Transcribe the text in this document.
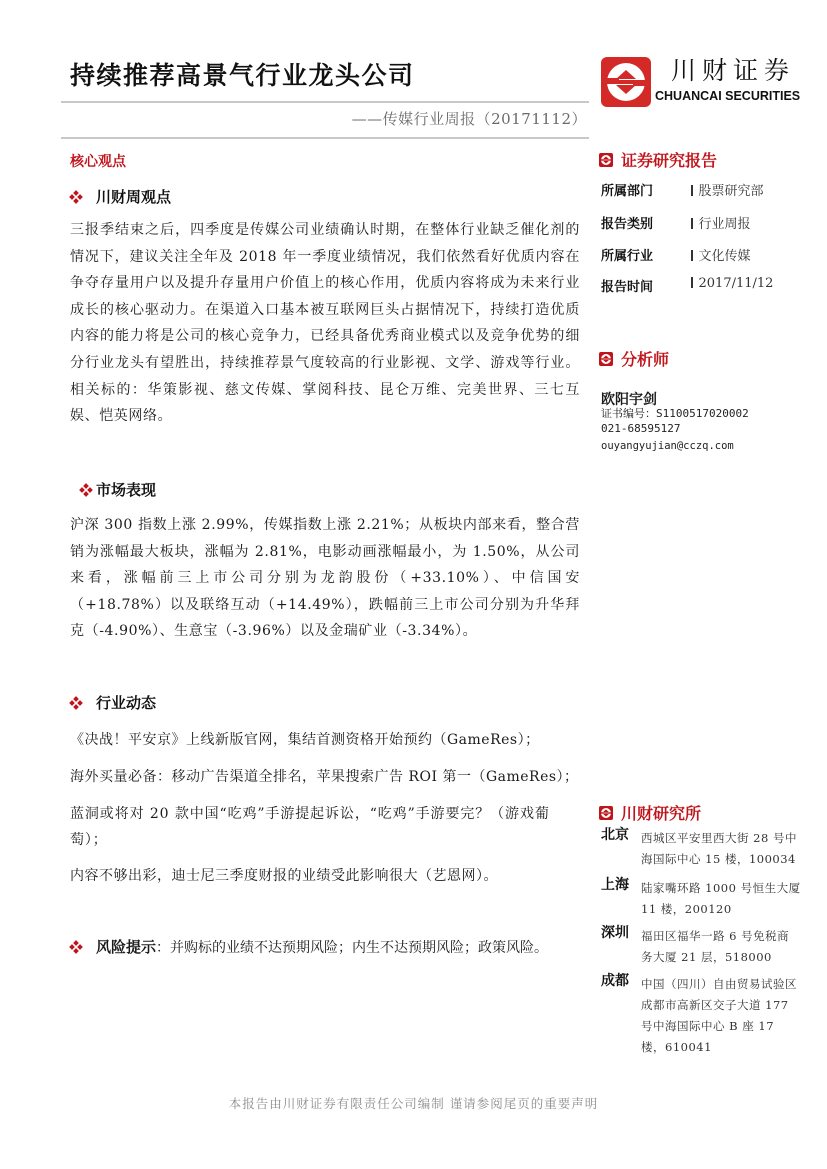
持续推荐高景气行业龙头公司
——传媒行业周报（20171112）
川财证券
CHUANCAI SECURITIES
核心观点
川财周观点
三报季结束之后，四季度是传媒公司业绩确认时期，在整体行业缺乏催化剂的情况下，建议关注全年及 2018 年一季度业绩情况，我们依然看好优质内容在争夺存量用户以及提升存量用户价值上的核心作用，优质内容将成为未来行业成长的核心驱动力。在渠道入口基本被互联网巨头占据情况下，持续打造优质内容的能力将是公司的核心竞争力，已经具备优秀商业模式以及竞争优势的细分行业龙头有望胜出，持续推荐景气度较高的行业影视、文学、游戏等行业。相关标的：华策影视、慈文传媒、掌阅科技、昆仑万维、完美世界、三七互娱、恺英网络。
市场表现
沪深 300 指数上涨 2.99%，传媒指数上涨 2.21%；从板块内部来看，整合营销为涨幅最大板块，涨幅为 2.81%，电影动画涨幅最小，为 1.50%，从公司来看，涨幅前三上市公司分别为龙韵股份（+33.10%）、中信国安（+18.78%）以及联络互动（+14.49%），跌幅前三上市公司分别为升华拜克（-4.90%）、生意宝（-3.96%）以及金瑞矿业（-3.34%）。
行业动态
《决战！平安京》上线新版官网，集结首测资格开始预约（GameRes）；
海外买量必备：移动广告渠道全排名，苹果搜索广告 ROI 第一（GameRes）；
蓝洞或将对 20 款中国“吃鸡”手游提起诉讼，“吃鸡”手游要完？（游戏葡萄）；
内容不够出彩，迪士尼三季度财报的业绩受此影响很大（艺恩网）。
风险提示 ：并购标的业绩不达预期风险；内生不达预期风险；政策风险。
证券研究报告
所属部门	股票研究部
报告类别	行业周报
所属行业	文化传媒
报告时间	2017/11/12
分析师
欧阳宇剑
证书编号：S1100517020002
021-68595127
ouyangyujian@cczq.com
川财研究所
北京	西城区平安里西大街 28 号中海国际中心 15 楼，100034
上海	陆家嘴环路 1000 号恒生大厦 11 楼，200120
深圳	福田区福华一路 6 号免税商务大厦 21 层，518000
成都	中国（四川）自由贸易试验区成都市高新区交子大道 177 号中海国际中心 B 座 17 楼，610041
本报告由川财证券有限责任公司编制 谨请参阅尾页的重要声明
